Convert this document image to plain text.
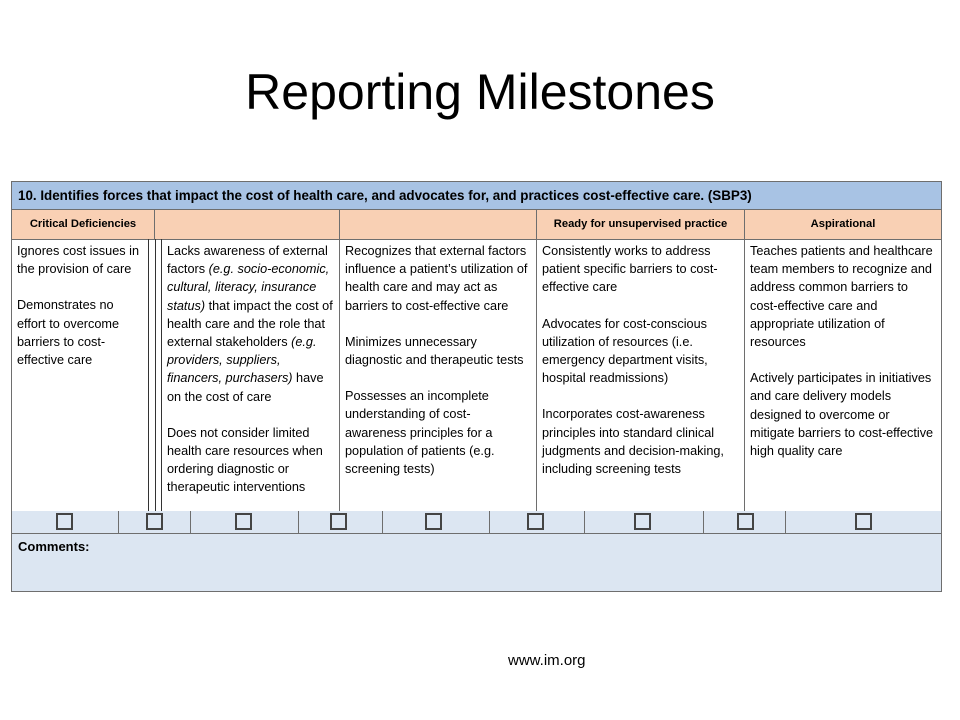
Reporting Milestones
10. Identifies forces that impact the cost of health care, and advocates for, and practices cost-effective care. (SBP3)
Critical Deficiencies	Ready for unsupervised practice	Aspirational

Ignores cost issues in the provision of care

Demonstrates no effort to overcome barriers to cost-effective care

Lacks awareness of external factors (e.g. socio-economic, cultural, literacy, insurance status) that impact the cost of health care and the role that external stakeholders (e.g. providers, suppliers, financers, purchasers) have on the cost of care

Does not consider limited health care resources when ordering diagnostic or therapeutic interventions

Recognizes that external factors influence a patient’s utilization of health care and may act as barriers to cost-effective care

Minimizes unnecessary diagnostic and therapeutic tests

Possesses an incomplete understanding of cost-awareness principles for a population of patients (e.g. screening tests)

Consistently works to address patient specific barriers to cost-effective care

Advocates for cost-conscious utilization of resources (i.e. emergency department visits, hospital readmissions)

Incorporates cost-awareness principles into standard clinical judgments and decision-making, including screening tests

Teaches patients and healthcare team members to recognize and address common barriers to cost-effective care and appropriate utilization of resources

Actively participates in initiatives and care delivery models designed to overcome or mitigate barriers to cost-effective high quality care

Comments:
www.im.org
